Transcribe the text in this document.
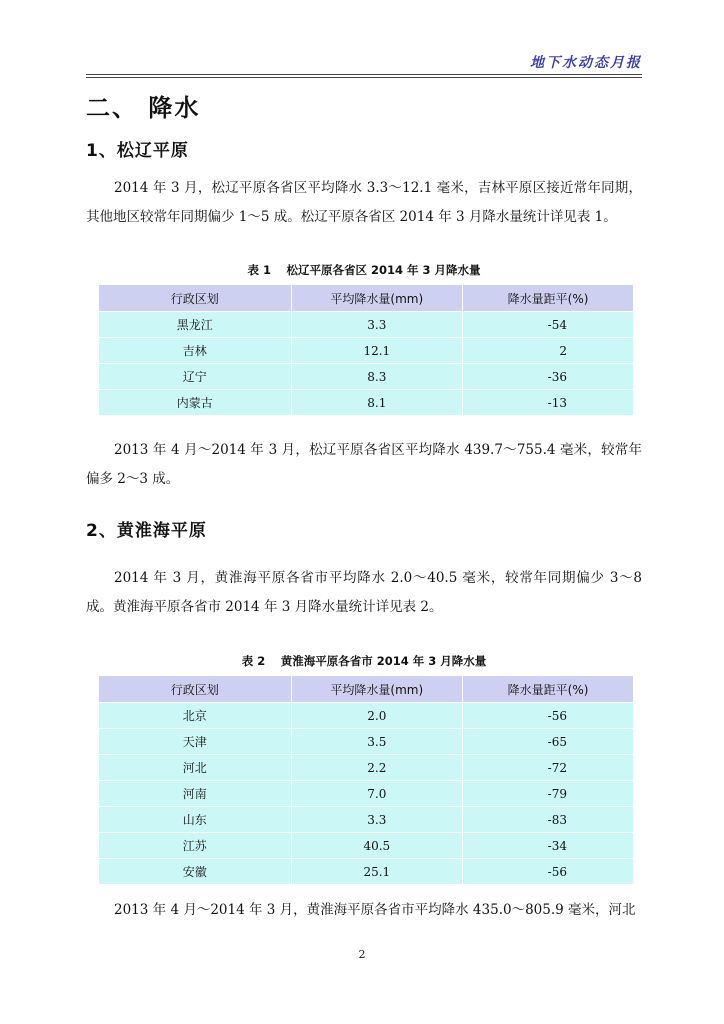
地下水动态月报
二、 降水
1、松辽平原
2014 年 3 月，松辽平原各省区平均降水 3.3～12.1 毫米，吉林平原区接近常年同期，其他地区较常年同期偏少 1～5 成。松辽平原各省区 2014 年 3 月降水量统计详见表 1。
表 1　 松辽平原各省区 2014 年 3 月降水量
行政区划	平均降水量(mm)	降水量距平(%)
黑龙江	3.3	-54
吉林	12.1	2
辽宁	8.3	-36
内蒙古	8.1	-13
2013 年 4 月～2014 年 3 月，松辽平原各省区平均降水 439.7～755.4 毫米，较常年偏多 2～3 成。
2、黄淮海平原
2014 年 3 月，黄淮海平原各省市平均降水 2.0～40.5 毫米，较常年同期偏少 3～8 成。黄淮海平原各省市 2014 年 3 月降水量统计详见表 2。
表 2　 黄淮海平原各省市 2014 年 3 月降水量
行政区划	平均降水量(mm)	降水量距平(%)
北京	2.0	-56
天津	3.5	-65
河北	2.2	-72
河南	7.0	-79
山东	3.3	-83
江苏	40.5	-34
安徽	25.1	-56
2013 年 4 月～2014 年 3 月，黄淮海平原各省市平均降水 435.0～805.9 毫米，河北
2
